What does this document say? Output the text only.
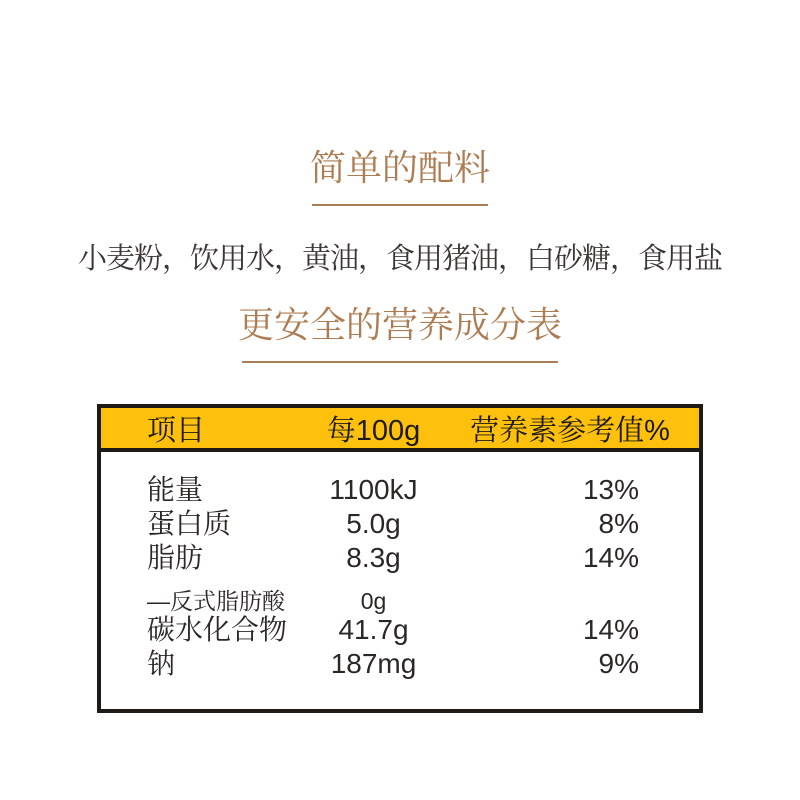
简单的配料
小麦粉，饮用水，黄油，食用猪油，白砂糖，食用盐
更安全的营养成分表
项目	每100g	营养素参考值%
能量	1100kJ	13%
蛋白质	5.0g	8%
脂肪	8.3g	14%
—反式脂肪酸	0g
碳水化合物	41.7g	14%
钠	187mg	9%
